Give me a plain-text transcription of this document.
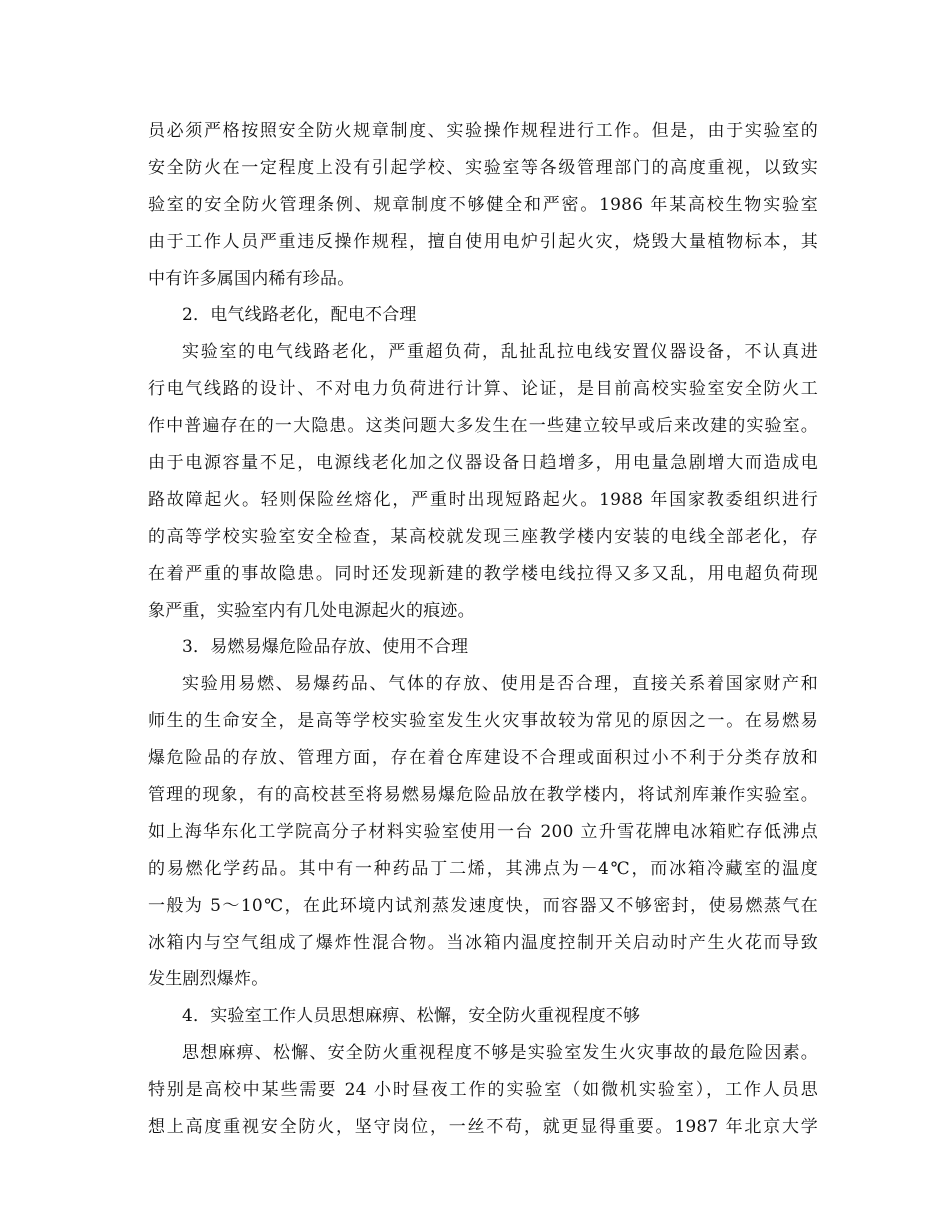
员必须严格按照安全防火规章制度、实验操作规程进行工作。但是，由于实验室的
安全防火在一定程度上没有引起学校、实验室等各级管理部门的高度重视，以致实
验室的安全防火管理条例、规章制度不够健全和严密。1986 年某高校生物实验室
由于工作人员严重违反操作规程，擅自使用电炉引起火灾，烧毁大量植物标本，其
中有许多属国内稀有珍品。
2．电气线路老化，配电不合理
实验室的电气线路老化，严重超负荷，乱扯乱拉电线安置仪器设备，不认真进
行电气线路的设计、不对电力负荷进行计算、论证，是目前高校实验室安全防火工
作中普遍存在的一大隐患。这类问题大多发生在一些建立较早或后来改建的实验室。
由于电源容量不足，电源线老化加之仪器设备日趋增多，用电量急剧增大而造成电
路故障起火。轻则保险丝熔化，严重时出现短路起火。1988 年国家教委组织进行
的高等学校实验室安全检查，某高校就发现三座教学楼内安装的电线全部老化，存
在着严重的事故隐患。同时还发现新建的教学楼电线拉得又多又乱，用电超负荷现
象严重，实验室内有几处电源起火的痕迹。
3．易燃易爆危险品存放、使用不合理
实验用易燃、易爆药品、气体的存放、使用是否合理，直接关系着国家财产和
师生的生命安全，是高等学校实验室发生火灾事故较为常见的原因之一。在易燃易
爆危险品的存放、管理方面，存在着仓库建设不合理或面积过小不利于分类存放和
管理的现象，有的高校甚至将易燃易爆危险品放在教学楼内，将试剂库兼作实验室。
如上海华东化工学院高分子材料实验室使用一台 200 立升雪花牌电冰箱贮存低沸点
的易燃化学药品。其中有一种药品丁二烯，其沸点为－4℃，而冰箱冷藏室的温度
一般为 5～10℃，在此环境内试剂蒸发速度快，而容器又不够密封，使易燃蒸气在
冰箱内与空气组成了爆炸性混合物。当冰箱内温度控制开关启动时产生火花而导致
发生剧烈爆炸。
4．实验室工作人员思想麻痹、松懈，安全防火重视程度不够
思想麻痹、松懈、安全防火重视程度不够是实验室发生火灾事故的最危险因素。
特别是高校中某些需要 24 小时昼夜工作的实验室（如微机实验室），工作人员思
想上高度重视安全防火，坚守岗位，一丝不苟，就更显得重要。1987 年北京大学
